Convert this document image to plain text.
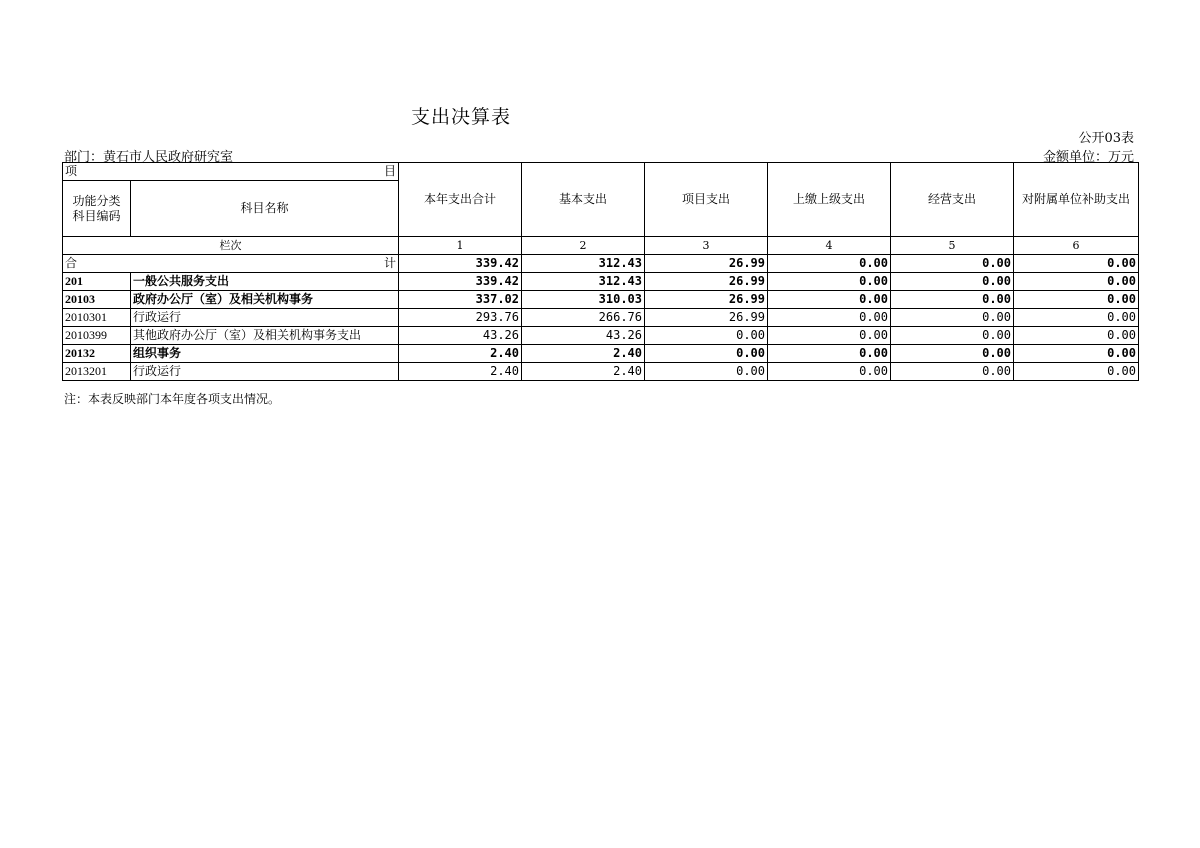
支出决算表
公开03表
部门：黄石市人民政府研究室	金额单位：万元
项 目		本年支出合计	基本支出	项目支出	上缴上级支出	经营支出	对附属单位补助支出

功能分类
科目编码	科目名称						
栏次		1	2	3	4	5	6

合 计		339.42	312.43	26.99	0.00	0.00	0.00
201	一般公共服务支出	339.42	312.43	26.99	0.00	0.00	0.00
20103	政府办公厅（室）及相关机构事务	337.02	310.03	26.99	0.00	0.00	0.00
2010301	行政运行	293.76	266.76	26.99	0.00	0.00	0.00
2010399	其他政府办公厅（室）及相关机构事务支出	43.26	43.26	0.00	0.00	0.00	0.00
20132	组织事务	2.40	2.40	0.00	0.00	0.00	0.00
2013201	行政运行	2.40	2.40	0.00	0.00	0.00	0.00
注：本表反映部门本年度各项支出情况。
